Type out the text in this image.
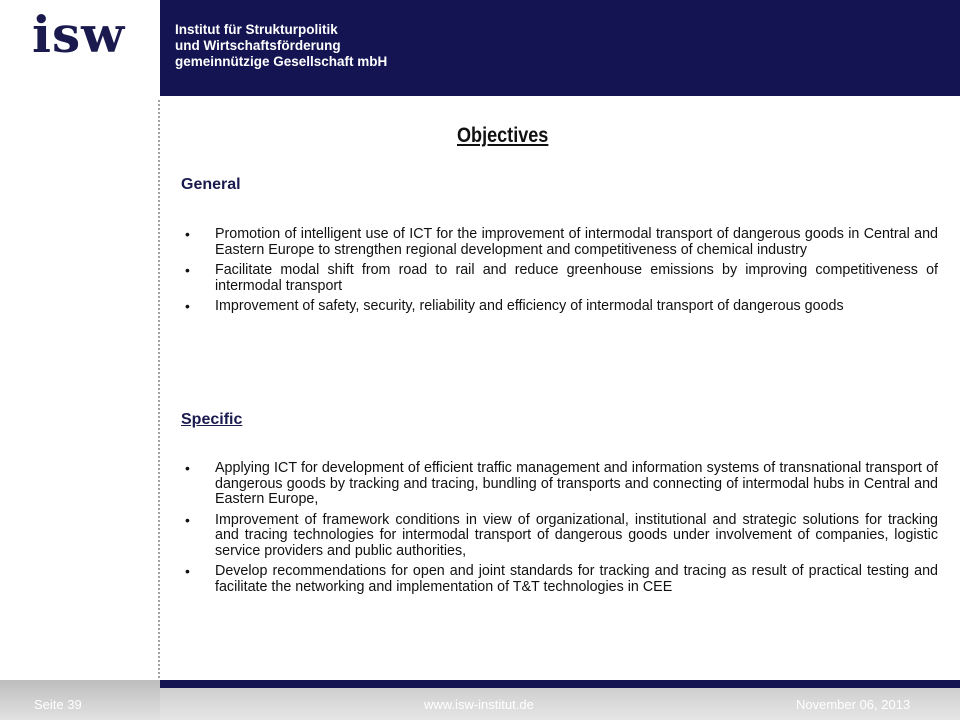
isw	Institut für Strukturpolitik
und Wirtschaftsförderung
gemeinnützige Gesellschaft mbH
Objectives
General
• Promotion of intelligent use of ICT for the improvement of intermodal transport of dangerous goods in Central and Eastern Europe to strengthen regional development and competitiveness of chemical industry
• Facilitate modal shift from road to rail and reduce greenhouse emissions by improving competitiveness of intermodal transport
• Improvement of safety, security, reliability and efficiency of intermodal transport of dangerous goods
Specific
• Applying ICT for development of efficient traffic management and information systems of transnational transport of dangerous goods by tracking and tracing, bundling of transports and connecting of intermodal hubs in Central and Eastern Europe,
• Improvement of framework conditions in view of organizational, institutional and strategic solutions for tracking and tracing technologies for intermodal transport of dangerous goods under involvement of companies, logistic service providers and public authorities,
• Develop recommendations for open and joint standards for tracking and tracing as result of practical testing and facilitate the networking and implementation of T&T technologies in CEE
Seite 39	www.isw-institut.de	November 06, 2013
